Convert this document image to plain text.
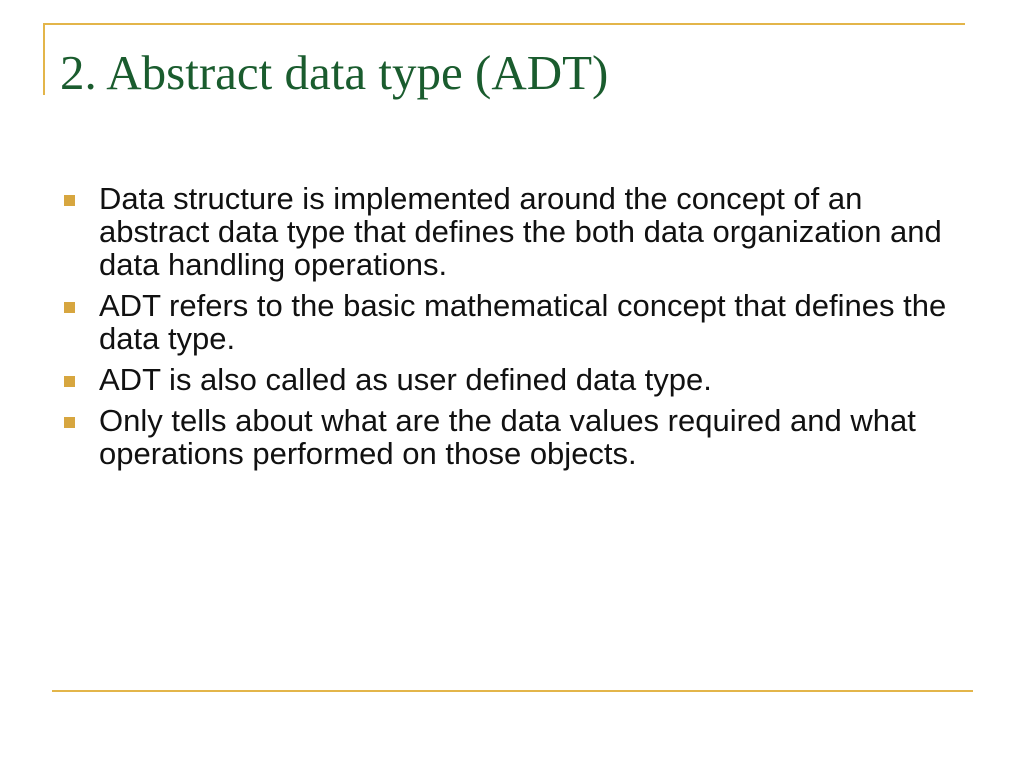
2. Abstract data type (ADT)
Data structure is implemented around the concept of an abstract data type that defines the both data organization and data handling operations.
ADT refers to the basic mathematical concept that defines the data type.
ADT is also called as user defined data type.
Only tells about what are the data values required and what operations performed on those objects.
